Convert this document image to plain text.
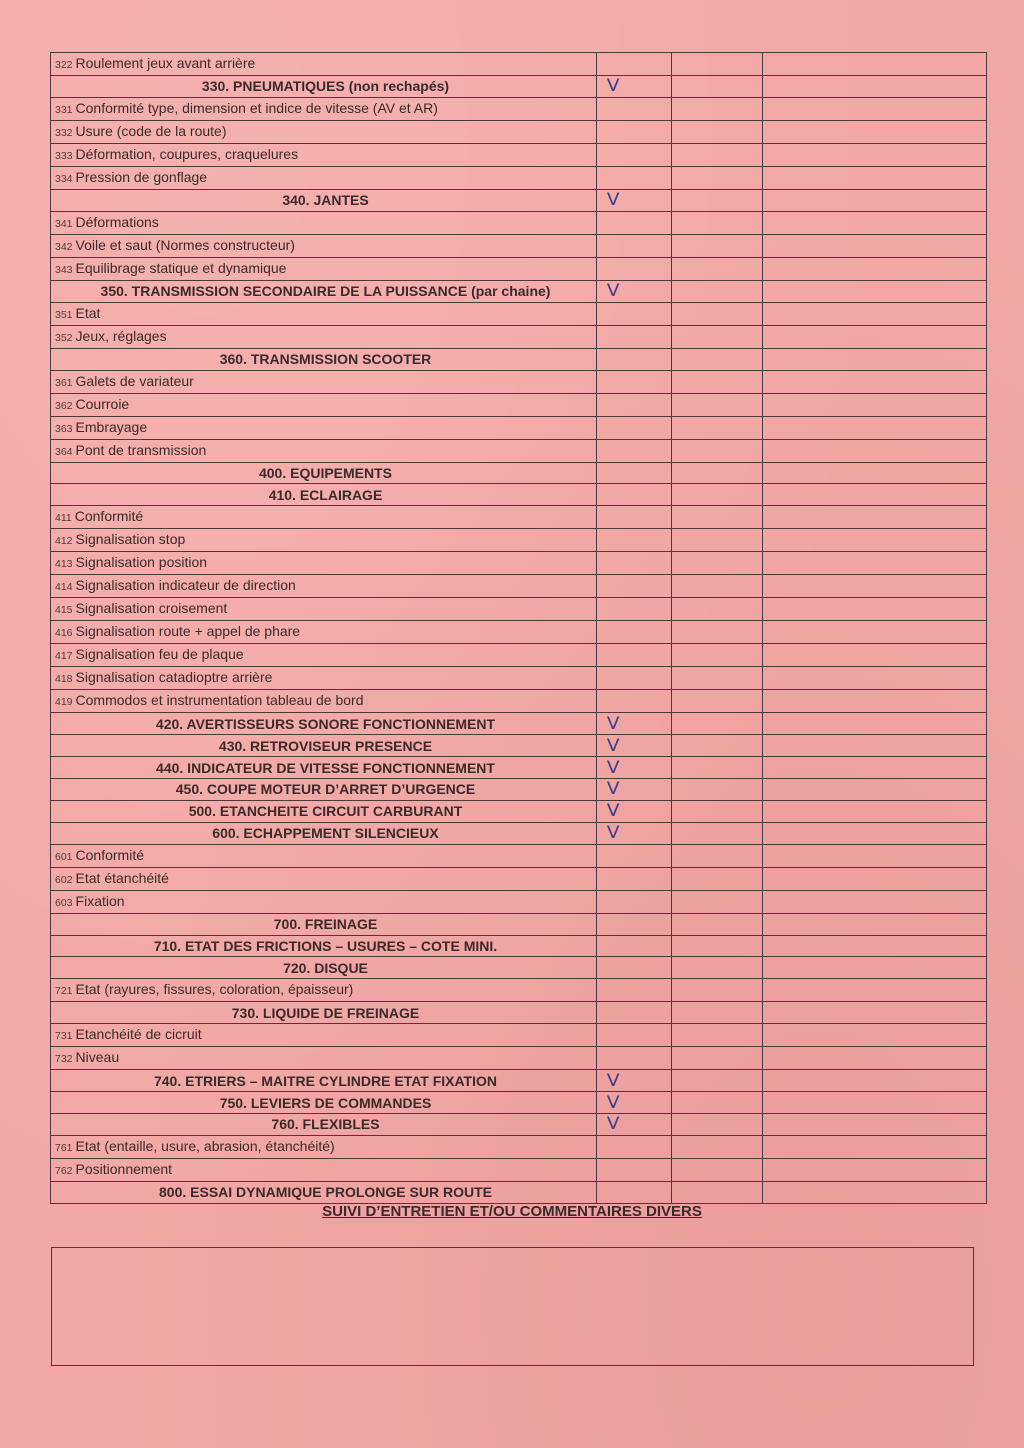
322 Roulement jeux avant arrière			
330. PNEUMATIQUES (non rechapés)	V		
331 Conformité type, dimension et indice de vitesse (AV et AR)			
332 Usure (code de la route)			
333 Déformation, coupures, craquelures			
334 Pression de gonflage			
340. JANTES	V		
341 Déformations			
342 Voile et saut (Normes constructeur)			
343 Equilibrage statique et dynamique			
350. TRANSMISSION SECONDAIRE DE LA PUISSANCE (par chaine)	V		
351 Etat			
352 Jeux, réglages			
360. TRANSMISSION SCOOTER			
361 Galets de variateur			
362 Courroie			
363 Embrayage			
364 Pont de transmission			
400. EQUIPEMENTS			
410. ECLAIRAGE			
411 Conformité			
412 Signalisation stop			
413 Signalisation position			
414 Signalisation indicateur de direction			
415 Signalisation croisement			
416 Signalisation route + appel de phare			
417 Signalisation feu de plaque			
418 Signalisation catadioptre arrière			
419 Commodos et instrumentation tableau de bord			
420. AVERTISSEURS SONORE FONCTIONNEMENT	V		
430. RETROVISEUR PRESENCE	V		
440. INDICATEUR DE VITESSE FONCTIONNEMENT	V		
450. COUPE MOTEUR D’ARRET D’URGENCE	V		
500. ETANCHEITE CIRCUIT CARBURANT	V		
600. ECHAPPEMENT SILENCIEUX	V		
601 Conformité			
602 Etat étanchéité			
603 Fixation			
700. FREINAGE			
710. ETAT DES FRICTIONS – USURES – COTE MINI.			
720. DISQUE			
721 Etat (rayures, fissures, coloration, épaisseur)			
730. LIQUIDE DE FREINAGE			
731 Etanchéité de cicruit			
732 Niveau			
740. ETRIERS – MAITRE CYLINDRE ETAT FIXATION	V		
750. LEVIERS DE COMMANDES	V		
760. FLEXIBLES	V		
761 Etat (entaille, usure, abrasion, étanchéité)			
762 Positionnement			
800. ESSAI DYNAMIQUE PROLONGE SUR ROUTE			
SUIVI D’ENTRETIEN ET/OU COMMENTAIRES DIVERS
